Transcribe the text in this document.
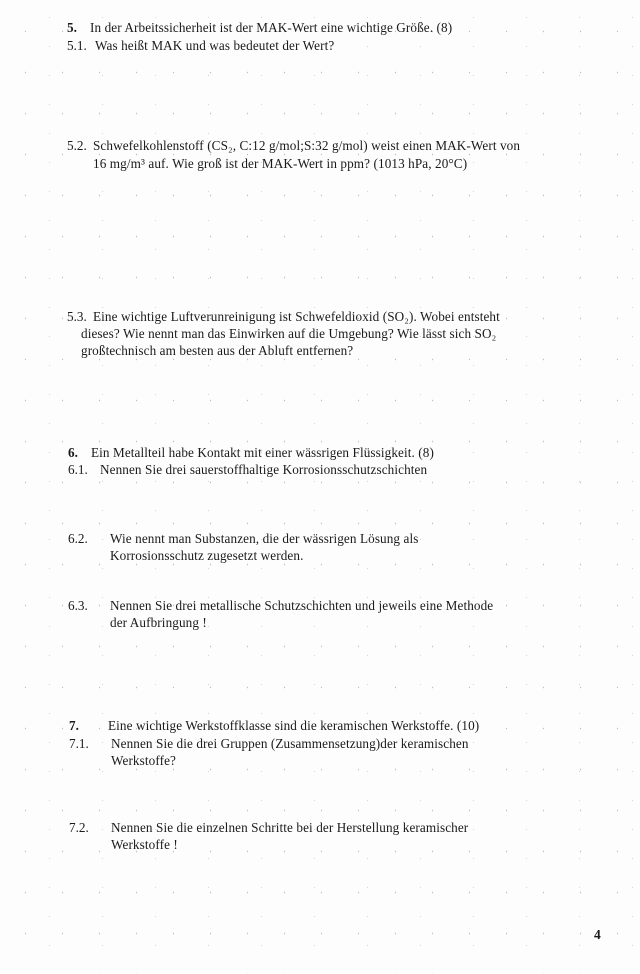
5. In der Arbeitssicherheit ist der MAK-Wert eine wichtige Größe. (8)
5.1. Was heißt MAK und was bedeutet der Wert?
5.2. Schwefelkohlenstoff (CS₂, C:12 g/mol;S:32 g/mol) weist einen MAK-Wert von
16 mg/m³ auf. Wie groß ist der MAK-Wert in ppm? (1013 hPa, 20°C)
5.3. Eine wichtige Luftverunreinigung ist Schwefeldioxid (SO₂). Wobei entsteht
dieses? Wie nennt man das Einwirken auf die Umgebung? Wie lässt sich SO₂
großtechnisch am besten aus der Abluft entfernen?
6. Ein Metallteil habe Kontakt mit einer wässrigen Flüssigkeit. (8)
6.1. Nennen Sie drei sauerstoffhaltige Korrosionsschutzschichten
6.2. Wie nennt man Substanzen, die der wässrigen Lösung als
Korrosionsschutz zugesetzt werden.
6.3. Nennen Sie drei metallische Schutzschichten und jeweils eine Methode
der Aufbringung !
7. Eine wichtige Werkstoffklasse sind die keramischen Werkstoffe. (10)
7.1. Nennen Sie die drei Gruppen (Zusammensetzung)der keramischen
Werkstoffe?
7.2. Nennen Sie die einzelnen Schritte bei der Herstellung keramischer
Werkstoffe !
4
